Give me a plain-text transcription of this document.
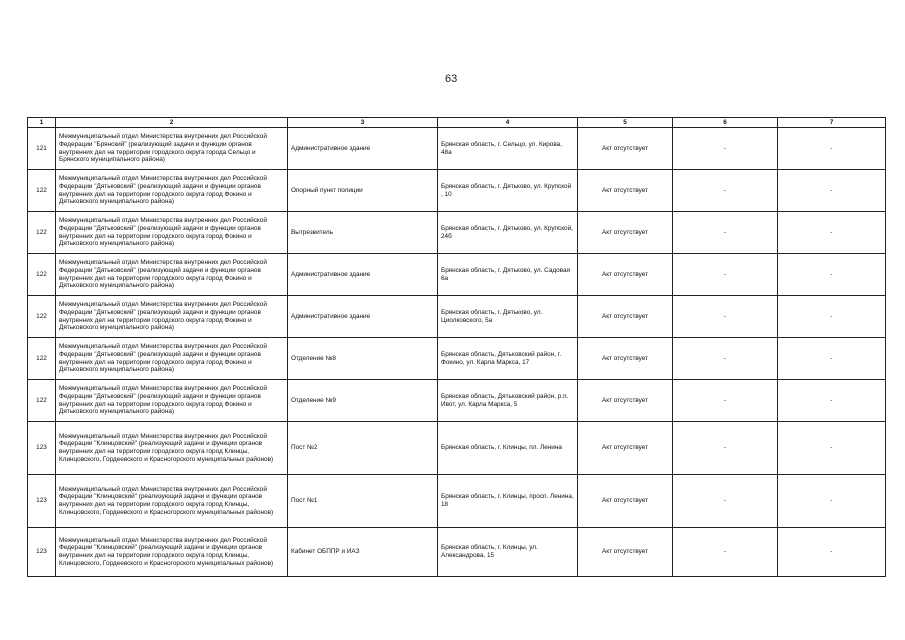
63
1	2	3	4	5	6	7
121	Межмуниципальный отдел Министерства внутренних дел Российской Федерации "Брянский" (реализующий задачи и функции органов внутренних дел на территории городского округа города Сельцо и Брянского муниципального района)	Административное здание	Брянская область, г. Сельцо, ул. Кирова, 48а	Акт отсутствует	-	-
122	Межмуниципальный отдел Министерства внутренних дел Российской Федерации "Дятьковский" (реализующий задачи и функции органов внутренних дел на территории городского округа город Фокино и Дятьковского муниципального района)	Опорный пункт полиции	Брянская область, г. Дятьково, ул. Крупской , 10	Акт отсутствует	-	-
122	Межмуниципальный отдел Министерства внутренних дел Российской Федерации "Дятьковский" (реализующий задачи и функции органов внутренних дел на территории городского округа город Фокино и Дятьковского муниципального района)	Вытрезвитель	Брянская область, г. Дятьково, ул. Крупской, 24б	Акт отсутствует	-	-
122	Межмуниципальный отдел Министерства внутренних дел Российской Федерации "Дятьковский" (реализующий задачи и функции органов внутренних дел на территории городского округа город Фокино и Дятьковского муниципального района)	Административное здание	Брянская область, г. Дятьково, ул. Садовая 6а	Акт отсутствует	-	-
122	Межмуниципальный отдел Министерства внутренних дел Российской Федерации "Дятьковский" (реализующий задачи и функции органов внутренних дел на территории городского округа город Фокино и Дятьковского муниципального района)	Административное здание	Брянская область, г. Дятьково, ул. Циолковского, 5а	Акт отсутствует	-	-
122	Межмуниципальный отдел Министерства внутренних дел Российской Федерации "Дятьковский" (реализующий задачи и функции органов внутренних дел на территории городского округа город Фокино и Дятьковского муниципального района)	Отделение №8	Брянская область, Дятьковский район, г. Фокино, ул. Карла Маркса, 17	Акт отсутствует	-	-
122	Межмуниципальный отдел Министерства внутренних дел Российской Федерации "Дятьковский" (реализующий задачи и функции органов внутренних дел на территории городского округа город Фокино и Дятьковского муниципального района)	Отделение №9	Брянская область, Дятьковский район, р.п. Ивот, ул. Карла Маркса, 5	Акт отсутствует	-	-
123	Межмуниципальный отдел Министерства внутренних дел Российской Федерации "Клинцовский" (реализующий задачи и функции органов внутренних дел на территории городского округа город Клинцы, Клинцовского, Гордеевского и Красногорского муниципальных районов)	Пост №2	Брянская область, г. Клинцы, пл. Ленина	Акт отсутствует	-	-
123	Межмуниципальный отдел Министерства внутренних дел Российской Федерации "Клинцовский" (реализующий задачи и функции органов внутренних дел на территории городского округа город Клинцы, Клинцовского, Гордеевского и Красногорского муниципальных районов)	Пост №1	Брянская область, г. Клинцы, просп. Ленина, 18	Акт отсутствует	-	-
123	Межмуниципальный отдел Министерства внутренних дел Российской Федерации "Клинцовский" (реализующий задачи и функции органов внутренних дел на территории городского округа город Клинцы, Клинцовского, Гордеевского и Красногорского муниципальных районов)	Кабинет ОБППР и ИАЗ	Брянская область, г. Клинцы, ул. Александрова, 15	Акт отсутствует	-	-
